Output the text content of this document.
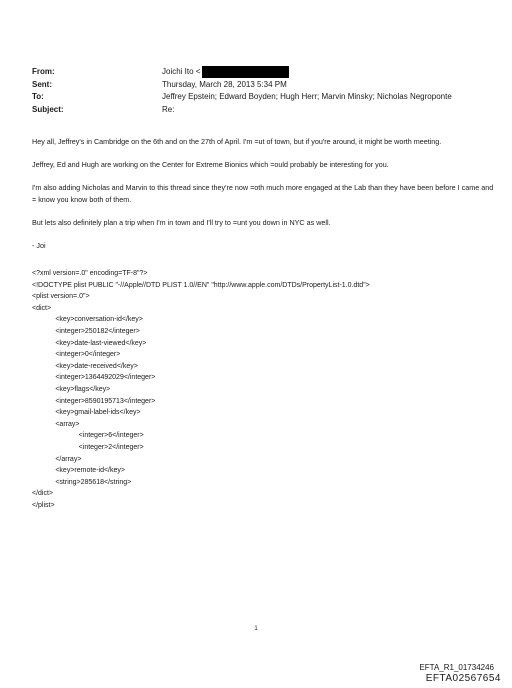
From:	Joichi Ito <
Sent:	Thursday, March 28, 2013 5:34 PM
To:	Jeffrey Epstein; Edward Boyden; Hugh Herr; Marvin Minsky; Nicholas Negroponte
Subject:	Re:

Hey all, Jeffrey's in Cambridge on the 6th and on the 27th of April. I'm =ut of town, but if you're around, it might be worth meeting.

Jeffrey, Ed and Hugh are working on the Center for Extreme Bionics which =ould probably be interesting for you.

I'm also adding Nicholas and Marvin to this thread since they're now =oth much more engaged at the Lab than they have been before I came and = know you know both of them.

But lets also definitely plan a trip when I'm in town and I'll try to =unt you down in NYC as well.

- Joi

<?xml version=.0" encoding=TF-8"?>
<!DOCTYPE plist PUBLIC "-//Apple//DTD PLIST 1.0//EN" "http://www.apple.com/DTDs/PropertyList-1.0.dtd">
<plist version=.0">
<dict>
<key>conversation-id</key>
<integer>250182</integer>
<key>date-last-viewed</key>
<integer>0</integer>
<key>date-received</key>
<integer>1364492029</integer>
<key>flags</key>
<integer>8590195713</integer>
<key>gmail-label-ids</key>
<array>
<integer>6</integer>
<integer>2</integer>
</array>
<key>remote-id</key>
<string>285618</string>
</dict>
</plist>
1
EFTA_R1_01734246
EFTA02567654
